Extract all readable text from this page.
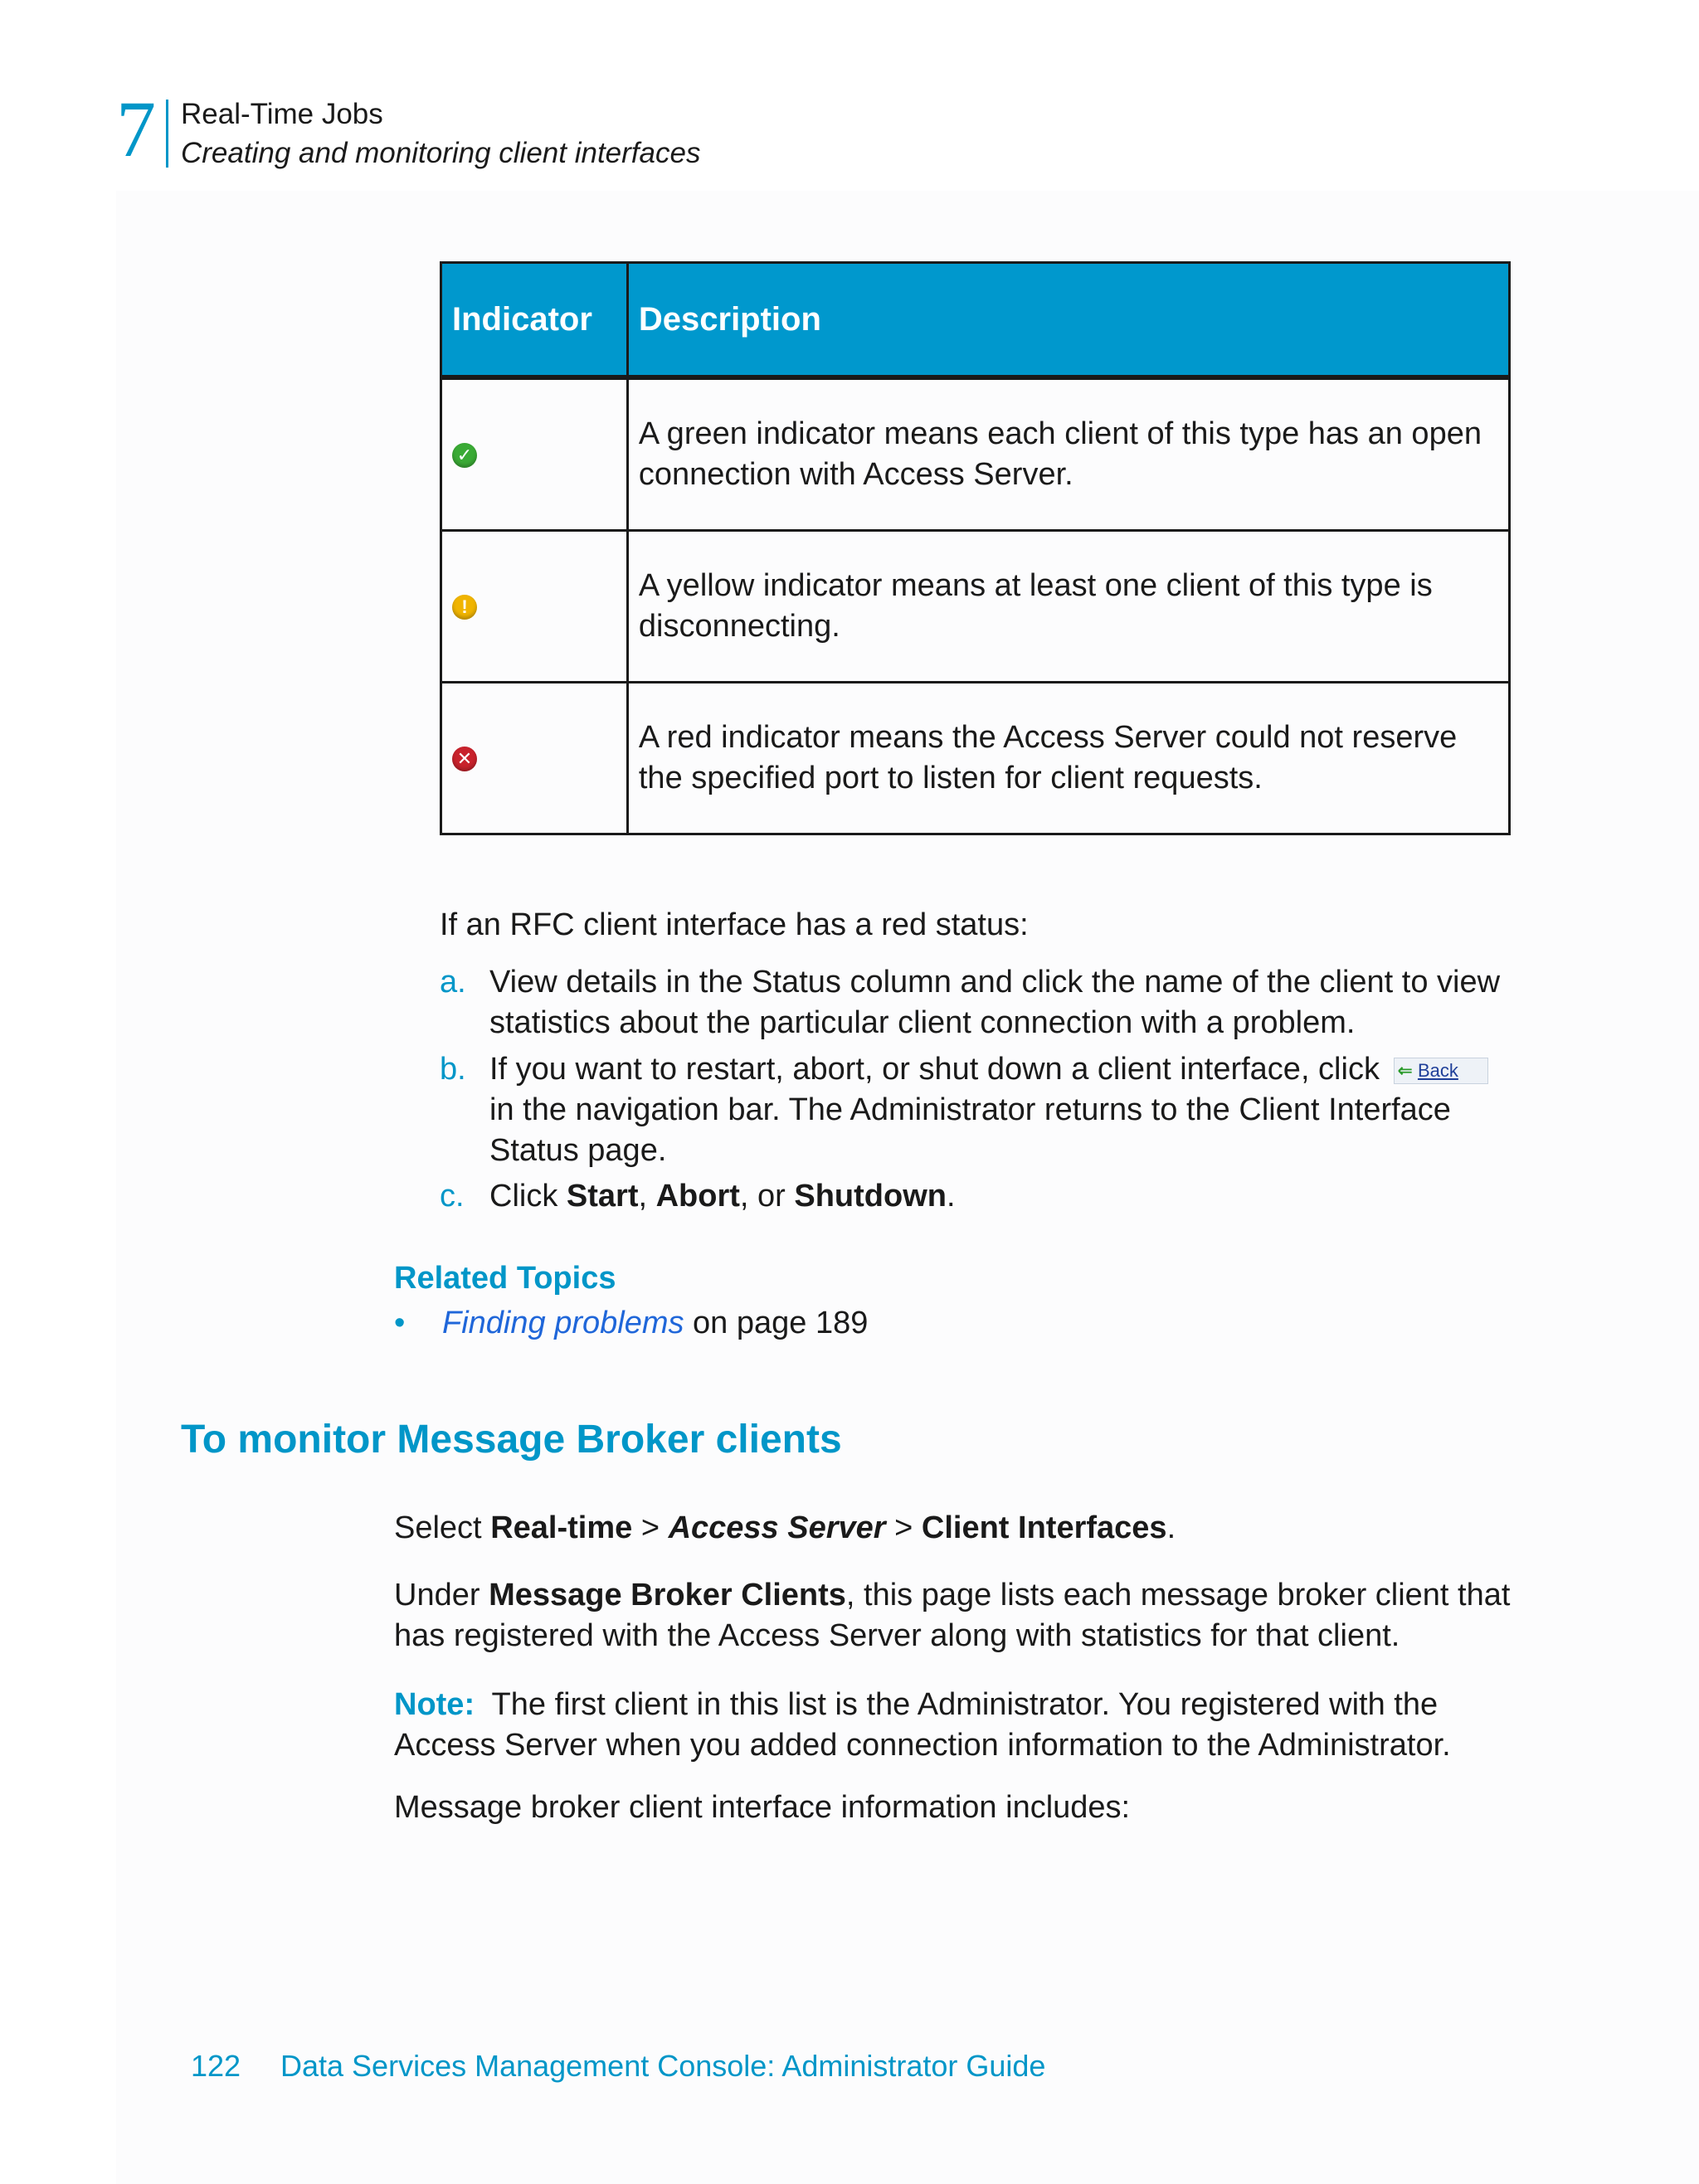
7 Real-Time Jobs
Creating and monitoring client interfaces
Indicator	Description
✓	A green indicator means each client of this type has an open connection with Access Server.
!	A yellow indicator means at least one client of this type is disconnecting.
✕	A red indicator means the Access Server could not reserve the specified port to listen for client requests.
If an RFC client interface has a red status:
a. View details in the Status column and click the name of the client to view statistics about the particular client connection with a problem.
b. If you want to restart, abort, or shut down a client interface, click ⇐ Back in the navigation bar. The Administrator returns to the Client Interface Status page.
c. Click Start, Abort, or Shutdown.
Related Topics
• Finding problems on page 189
To monitor Message Broker clients
Select Real-time > Access Server > Client Interfaces.
Under Message Broker Clients, this page lists each message broker client that has registered with the Access Server along with statistics for that client.
Note: The first client in this list is the Administrator. You registered with the Access Server when you added connection information to the Administrator.
Message broker client interface information includes:
122 Data Services Management Console: Administrator Guide
